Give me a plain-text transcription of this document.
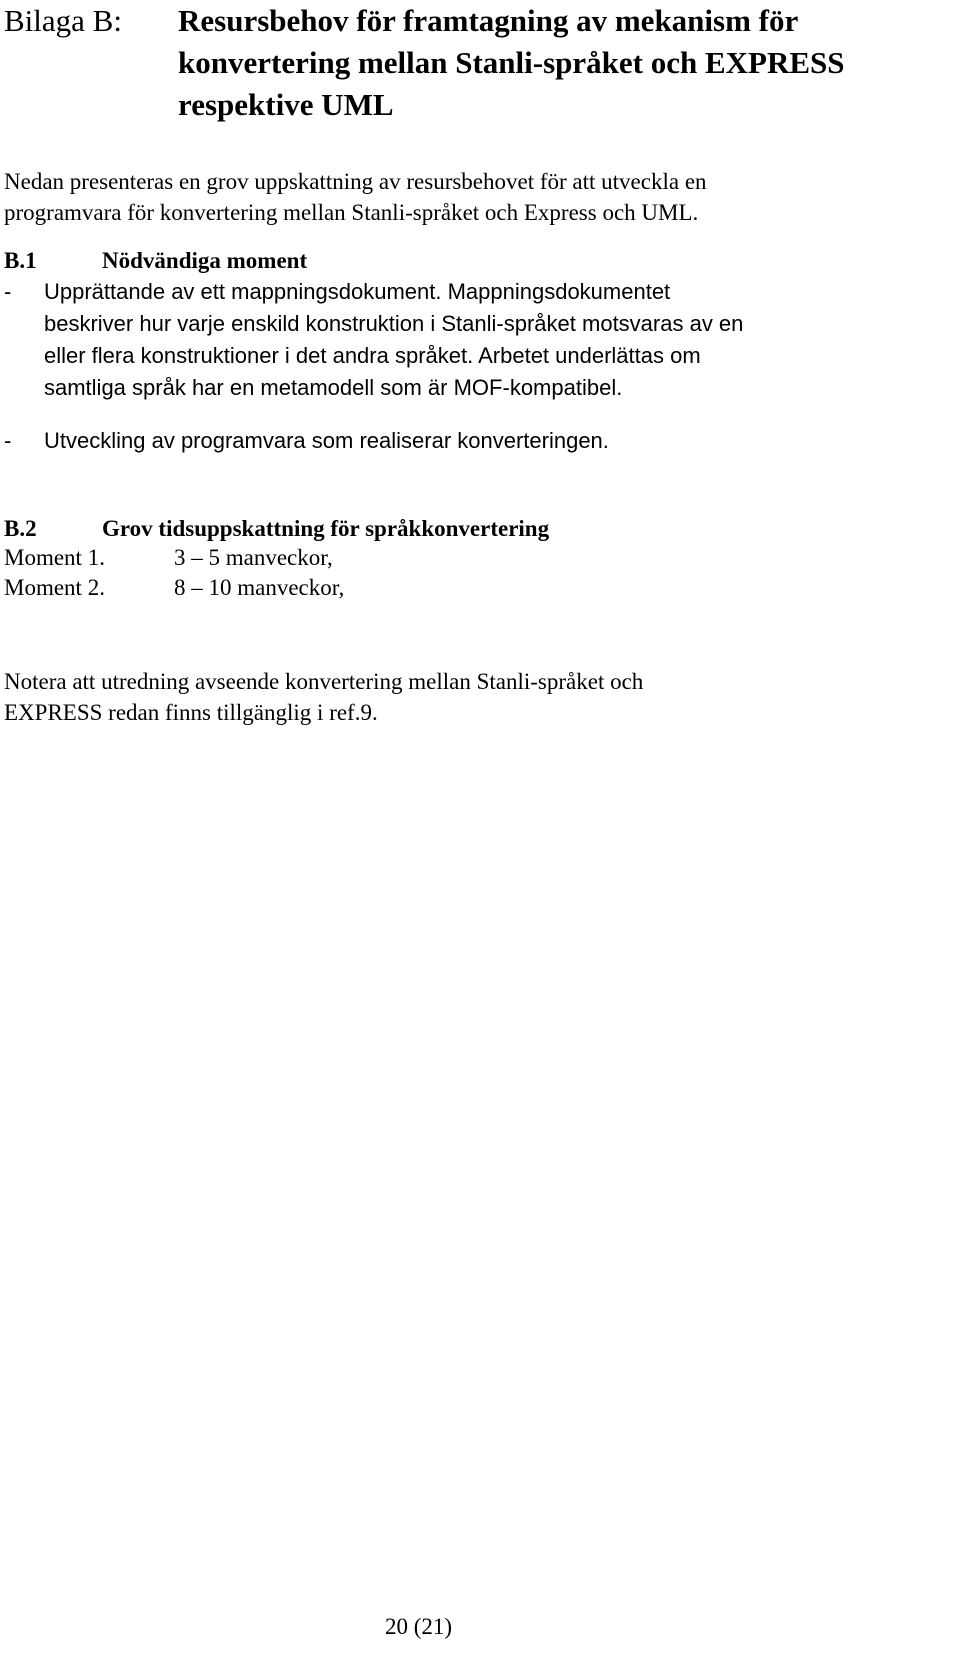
Bilaga B: Resursbehov för framtagning av mekanism för
konvertering mellan Stanli-språket och EXPRESS
respektive UML
Nedan presenteras en grov uppskattning av resursbehovet för att utveckla en
programvara för konvertering mellan Stanli-språket och Express och UML.
B.1	Nödvändiga moment
- Upprättande av ett mappningsdokument. Mappningsdokumentet
beskriver hur varje enskild konstruktion i Stanli-språket motsvaras av en
eller flera konstruktioner i det andra språket. Arbetet underlättas om
samtliga språk har en metamodell som är MOF-kompatibel.
- Utveckling av programvara som realiserar konverteringen.
B.2	Grov tidsuppskattning för språkkonvertering
Moment 1.	3 – 5 manveckor,
Moment 2.	8 – 10 manveckor,
Notera att utredning avseende konvertering mellan Stanli-språket och
EXPRESS redan finns tillgänglig i ref.9.
20 (21)
